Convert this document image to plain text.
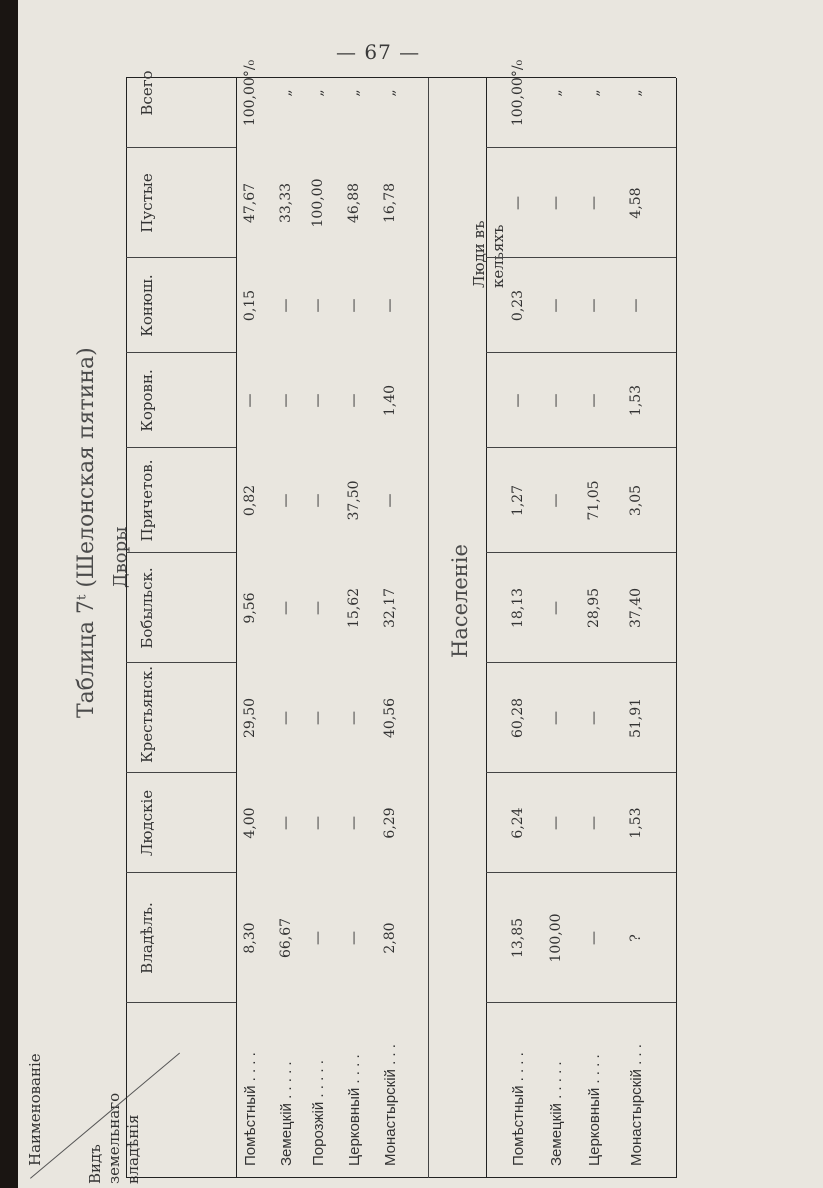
— 67 —
Таблица 7ᵗ (Шелонская пятина) Дворы	Населеніе
Наименованіе	Видъ земельнаго владѣнія
Люди въ кельяхъ
Владѣлъ.
Людскіе
Крестьянск.
Бобыльск.
Причетов.
Коровн.
Конюш.
Пустые
Всего
Помѣстный . . . .
8,30
4,00
29,50
9,56
0,82
—
0,15
47,67
100,00°/₀
Земецкій . . . . .
66,67
—
—
—
—
—
—
33,33
„
Порозжій . . . . .
—
—
—
—
—
—
—
100,00
„
Церковный . . . .
—
—
—
15,62
37,50
—
—
46,88
„
Монастырскій . . .
2,80
6,29
40,56
32,17
—
1,40
—
16,78
„
Помѣстный . . . .
13,85
6,24
60,28
18,13
1,27
—
0,23
—
100,00°/₀
Земецкій . . . . .
100,00
—
—
—
—
—
—
—
„
Церковный . . . .
—
—
—
28,95
71,05
—
—
—
„
Монастырскій . . .
?
1,53
51,91
37,40
3,05
1,53
—
4,58
„
